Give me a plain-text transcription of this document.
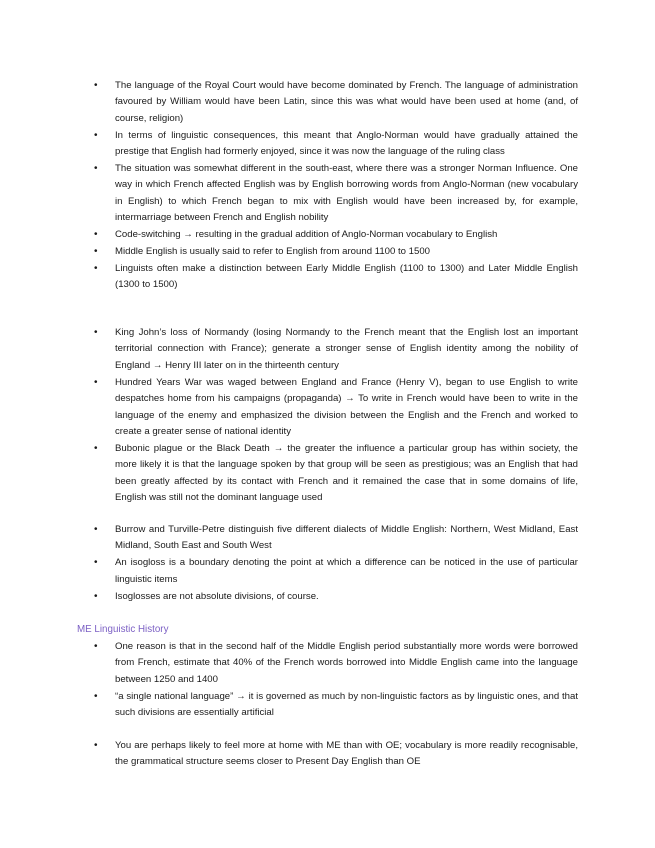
• The language of the Royal Court would have become dominated by French. The language of administration favoured by William would have been Latin, since this was what would have been used at home (and, of course, religion)
• In terms of linguistic consequences, this meant that Anglo-Norman would have gradually attained the prestige that English had formerly enjoyed, since it was now the language of the ruling class
• The situation was somewhat different in the south-east, where there was a stronger Norman Influence. One way in which French affected English was by English borrowing words from Anglo-Norman (new vocabulary in English) to which French began to mix with English would have been increased by, for example, intermarriage between French and English nobility
• Code-switching → resulting in the gradual addition of Anglo-Norman vocabulary to English
• Middle English is usually said to refer to English from around 1100 to 1500
• Linguists often make a distinction between Early Middle English (1100 to 1300) and Later Middle English (1300 to 1500)
• King John’s loss of Normandy (losing Normandy to the French meant that the English lost an important territorial connection with France); generate a stronger sense of English identity among the nobility of England → Henry III later on in the thirteenth century
• Hundred Years War was waged between England and France (Henry V), began to use English to write despatches home from his campaigns (propaganda) → To write in French would have been to write in the language of the enemy and emphasized the division between the English and the French and worked to create a greater sense of national identity
• Bubonic plague or the Black Death → the greater the influence a particular group has within society, the more likely it is that the language spoken by that group will be seen as prestigious; was an English that had been greatly affected by its contact with French and it remained the case that in some domains of life, English was still not the dominant language used
• Burrow and Turville-Petre distinguish five different dialects of Middle English: Northern, West Midland, East Midland, South East and South West
• An isogloss is a boundary denoting the point at which a difference can be noticed in the use of particular linguistic items
• Isoglosses are not absolute divisions, of course.
ME Linguistic History
• One reason is that in the second half of the Middle English period substantially more words were borrowed from French, estimate that 40% of the French words borrowed into Middle English came into the language between 1250 and 1400
• “a single national language” → it is governed as much by non-linguistic factors as by linguistic ones, and that such divisions are essentially artificial
• You are perhaps likely to feel more at home with ME than with OE; vocabulary is more readily recognisable, the grammatical structure seems closer to Present Day English than OE
